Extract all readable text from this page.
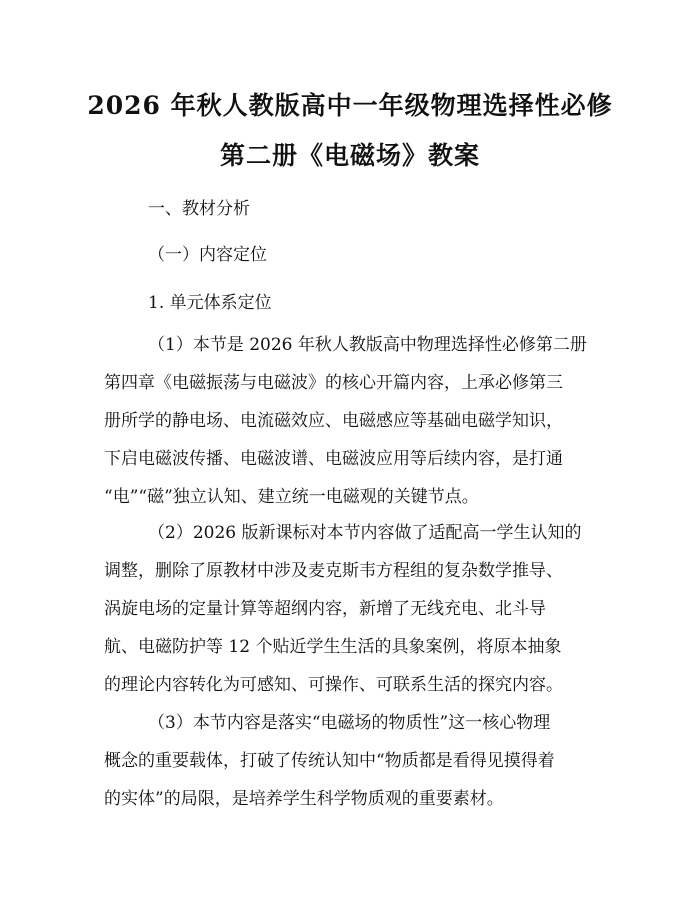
2026 年秋人教版高中一年级物理选择性必修
第二册《电磁场》教案
一、教材分析
（一）内容定位
1. 单元体系定位
（1）本节是 2026 年秋人教版高中物理选择性必修第二册
第四章《电磁振荡与电磁波》的核心开篇内容，上承必修第三
册所学的静电场、电流磁效应、电磁感应等基础电磁学知识，
下启电磁波传播、电磁波谱、电磁波应用等后续内容，是打通
“电”“磁”独立认知、建立统一电磁观的关键节点。
（2）2026 版新课标对本节内容做了适配高一学生认知的
调整，删除了原教材中涉及麦克斯韦方程组的复杂数学推导、
涡旋电场的定量计算等超纲内容，新增了无线充电、北斗导
航、电磁防护等 12 个贴近学生生活的具象案例，将原本抽象
的理论内容转化为可感知、可操作、可联系生活的探究内容。
（3）本节内容是落实“电磁场的物质性”这一核心物理
概念的重要载体，打破了传统认知中“物质都是看得见摸得着
的实体”的局限，是培养学生科学物质观的重要素材。
